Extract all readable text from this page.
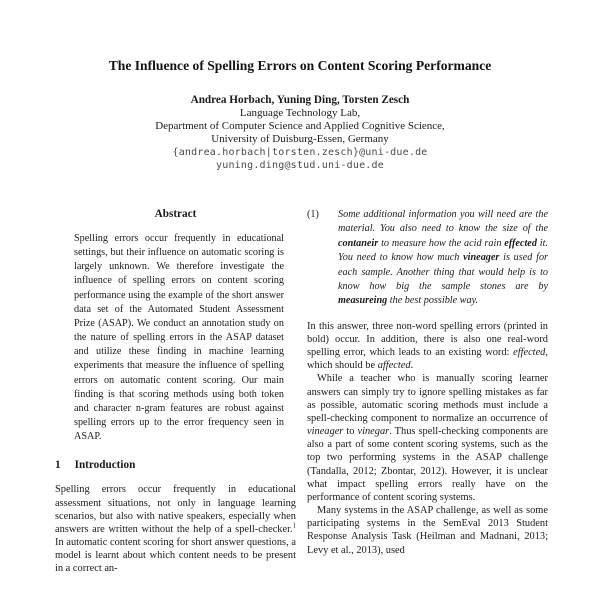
The Influence of Spelling Errors on Content Scoring Performance
Andrea Horbach, Yuning Ding, Torsten Zesch
Language Technology Lab,
Department of Computer Science and Applied Cognitive Science,
University of Duisburg-Essen, Germany
{andrea.horbach|torsten.zesch}@uni-due.de
yuning.ding@stud.uni-due.de
Abstract

Spelling errors occur frequently in educational settings, but their influence on automatic scoring is largely unknown. We therefore investigate the influence of spelling errors on content scoring performance using the example of the short answer data set of the Automated Student Assessment Prize (ASAP). We conduct an annotation study on the nature of spelling errors in the ASAP dataset and utilize these finding in machine learning experiments that measure the influence of spelling errors on automatic content scoring. Our main finding is that scoring methods using both token and character n-gram features are robust against spelling errors up to the error frequency seen in ASAP.

1 Introduction

Spelling errors occur frequently in educational assessment situations, not only in language learning scenarios, but also with native speakers, especially when answers are written without the help of a spell-checker.$^1$ In automatic content scoring for short answer questions, a model is learnt about which content needs to be present in a correct an-

(1)	Some additional information you will need are the material. You also need to know the size of the contaneir to measure how the acid rain effected it. You need to know how much vineager is used for each sample. Another thing that would help is to know how big the sample stones are by measureing the best possible way.

In this answer, three non-word spelling errors (printed in bold) occur. In addition, there is also one real-word spelling error, which leads to an existing word: effected, which should be affected.

While a teacher who is manually scoring learner answers can simply try to ignore spelling mistakes as far as possible, automatic scoring methods must include a spell-checking component to normalize an occurrence of vineager to vinegar. Thus spell-checking components are also a part of some content scoring systems, such as the top two performing systems in the ASAP challenge (Tandalla, 2012; Zbontar, 2012). However, it is unclear what impact spelling errors really have on the performance of content scoring systems.

Many systems in the ASAP challenge, as well as some participating systems in the SemEval 2013 Student Response Analysis Task (Heilman and Madnani, 2013; Levy et al., 2013), used
